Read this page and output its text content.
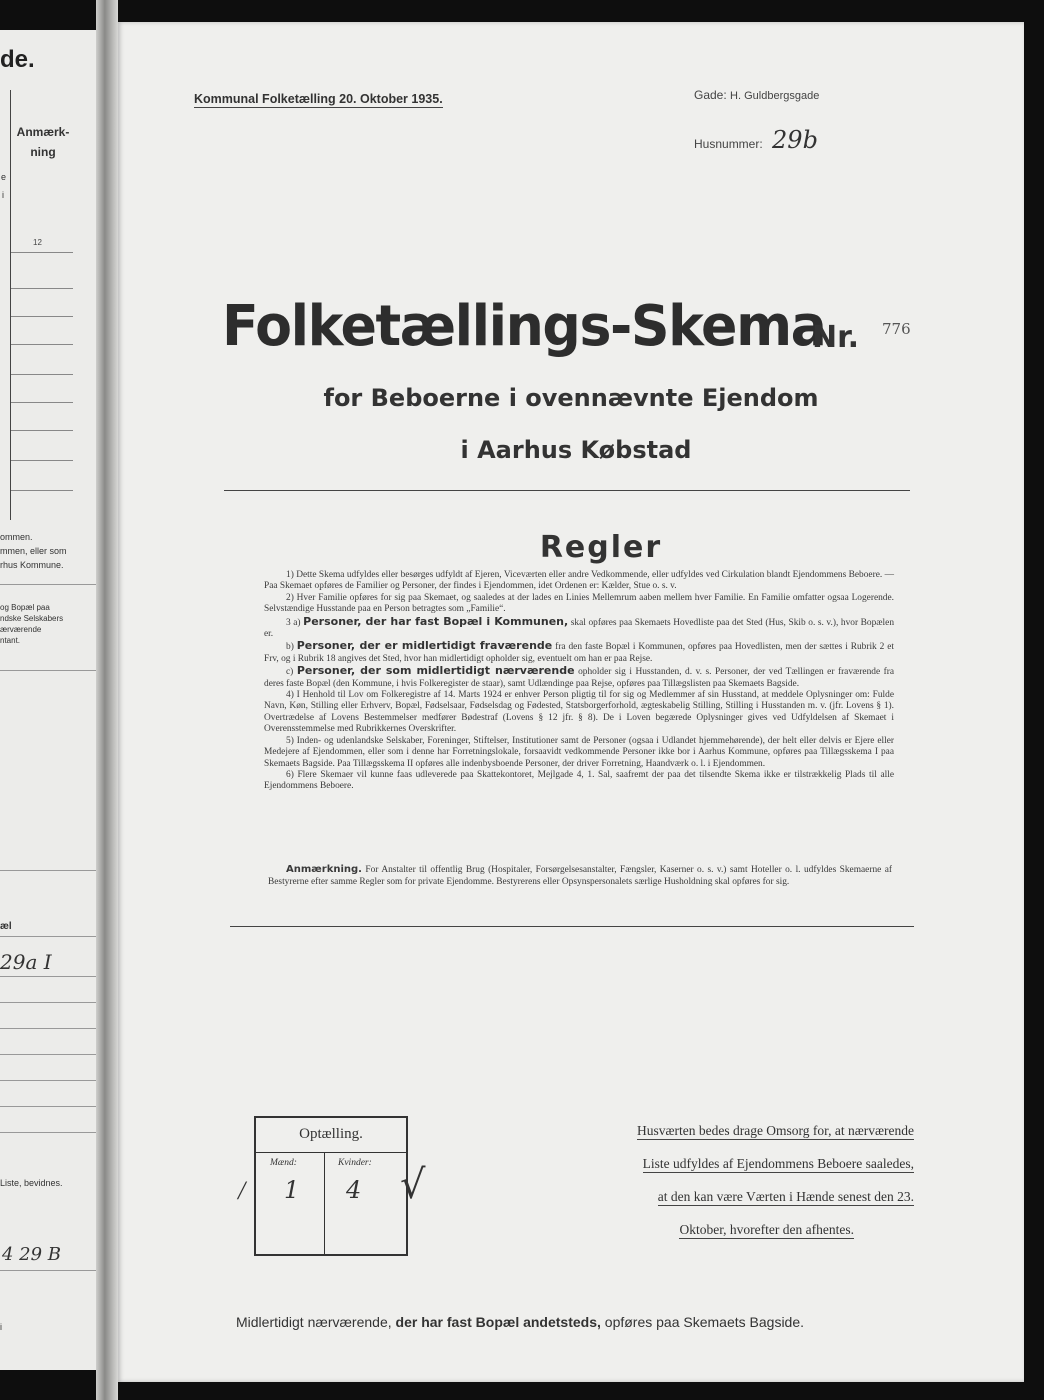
de.
e
i
Anmærk-
ning
12
ommen.
mmen, eller som
rhus Kommune.
og Bopæl paa
ndske Selskabers
ærværende
ntant.
æl
29a I
Liste, bevidnes.
4 29 B
i
Kommunal Folketælling 20. Oktober 1935.	Gade: H. Guldbergsgade
Husnummer: 29b
Folketællings-Skema
Nr. 776
for Beboerne i ovennævnte Ejendom
i Aarhus Købstad
Regler

1) Dette Skema udfyldes eller besørges udfyldt af Ejeren, Viceværten eller andre Vedkommende, eller udfyldes ved Cirkulation blandt Ejendommens Beboere. — Paa Skemaet opføres de Familier og Personer, der findes i Ejendommen, idet Ordenen er: Kælder, Stue o. s. v.

2) Hver Familie opføres for sig paa Skemaet, og saaledes at der lades en Linies Mellemrum aaben mellem hver Familie. En Familie omfatter ogsaa Logerende. Selvstændige Husstande paa en Person betragtes som „Familie“.

3 a) Personer, der har fast Bopæl i Kommunen, skal opføres paa Skemaets Hovedliste paa det Sted (Hus, Skib o. s. v.), hvor Bopælen er.

b) Personer, der er midlertidigt fraværende fra den faste Bopæl i Kommunen, opføres paa Hovedlisten, men der sættes i Rubrik 2 et Frv, og i Rubrik 18 angives det Sted, hvor han midlertidigt opholder sig, eventuelt om han er paa Rejse.

c) Personer, der som midlertidigt nærværende opholder sig i Husstanden, d. v. s. Personer, der ved Tællingen er fraværende fra deres faste Bopæl (den Kommune, i hvis Folkeregister de staar), samt Udlændinge paa Rejse, opføres paa Tillægslisten paa Skemaets Bagside.

4) I Henhold til Lov om Folkeregistre af 14. Marts 1924 er enhver Person pligtig til for sig og Medlemmer af sin Husstand, at meddele Oplysninger om: Fulde Navn, Køn, Stilling eller Erhverv, Bopæl, Fødselsaar, Fødselsdag og Fødested, Statsborgerforhold, ægteskabelig Stilling, Stilling i Husstanden m. v. (jfr. Lovens § 1). Overtrædelse af Lovens Bestemmelser medfører Bødestraf (Lovens § 12 jfr. § 8). De i Loven begærede Oplysninger gives ved Udfyldelsen af Skemaet i Overensstemmelse med Rubrikkernes Overskrifter.

5) Inden- og udenlandske Selskaber, Foreninger, Stiftelser, Institutioner samt de Personer (ogsaa i Udlandet hjemmehørende), der helt eller delvis er Ejere eller Medejere af Ejendommen, eller som i denne har Forretningslokale, forsaavidt vedkommende Personer ikke bor i Aarhus Kommune, opføres paa Tillægsskema I paa Skemaets Bagside. Paa Tillægsskema II opføres alle indenbysboende Personer, der driver Forretning, Haandværk o. l. i Ejendommen.

6) Flere Skemaer vil kunne faas udleverede paa Skattekontoret, Mejlgade 4, 1. Sal, saafremt der paa det tilsendte Skema ikke er tilstrækkelig Plads til alle Ejendommens Beboere.

Anmærkning. For Anstalter til offentlig Brug (Hospitaler, Forsørgelsesanstalter, Fængsler, Kaserner o. s. v.) samt Hoteller o. l. udfyldes Skemaerne af Bestyrerne efter samme Regler som for private Ejendomme. Bestyrerens eller Opsynspersonalets særlige Husholdning skal opføres for sig.
/
Optælling.
Mænd:	Kvinder:
1 4 √
Husværten bedes drage Omsorg for, at nærværende
Liste udfyldes af Ejendommens Beboere saaledes,
at den kan være Værten i Hænde senest den 23.
Oktober, hvorefter den afhentes.
Midlertidigt nærværende, der har fast Bopæl andetsteds, opføres paa Skemaets Bagside.
